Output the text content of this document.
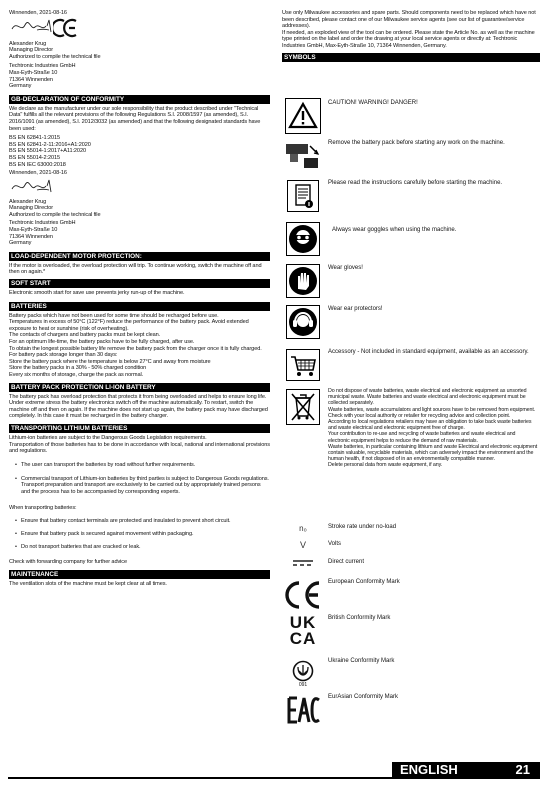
Winnenden, 2021-08-16
Alexander Krug
Managing Director
Authorized to compile the technical file
Techtronic Industries GmbH
Max-Eyth-Straße 10
71364 Winnenden
Germany
GB-DECLARATION OF CONFORMITY
We declare as the manufacturer under our sole responsibility that the product described under "Technical Data" fulfills all the relevant provisions of the following Regulations S.I. 2008/1597 (as amended), S.I. 2016/1091 (as amended), S.I. 2012/3032 (as amended) and that the following designated standards have been used:
BS EN 62841-1:2015
BS EN 62841-2-11:2016+A1:2020
BS EN 55014-1:2017+A11:2020
BS EN 55014-2:2015
BS EN IEC 63000:2018
Winnenden, 2021-08-16
Alexander Krug
Managing Director
Authorized to compile the technical file
Techtronic Industries GmbH
Max-Eyth-Straße 10
71364 Winnenden
Germany
LOAD-DEPENDENT MOTOR PROTECTION:
If the motor is overloaded, the overload protection will trip. To continue working, switch the machine off and then on again.*
SOFT START
Electronic smooth start for save use prevents jerky run-up of the machine.
BATTERIES
Battery packs which have not been used for some time should be recharged before use.
Temperatures in excess of 50°C (122°F) reduce the performance of the battery pack. Avoid extended exposure to heat or sunshine (risk of overheating).
The contacts of chargers and battery packs must be kept clean.
For an optimum life-time, the battery packs have to be fully charged, after use.
To obtain the longest possible battery life remove the battery pack from the charger once it is fully charged.
For battery pack storage longer than 30 days:
Store the battery pack where the temperature is below 27°C and away from moisture
Store the battery packs in a 30% - 50% charged condition
Every six months of storage, charge the pack as normal.
BATTERY PACK PROTECTION LI-ION BATTERY
The battery pack has overload protection that protects it from being overloaded and helps to ensure long life.
Under extreme stress the battery electronics switch off the machine automatically. To restart, switch the machine off and then on again. If the machine does not start up again, the battery pack may have discharged completely. In this case it must be recharged in the battery charger.
TRANSPORTING LITHIUM BATTERIES
Lithium-ion batteries are subject to the Dangerous Goods Legislation requirements.
Transportation of those batteries has to be done in accordance with local, national and international provisions and regulations.

• The user can transport the batteries by road without further requirements.

• Commercial transport of Lithium-ion batteries by third parties is subject to Dangerous Goods regulations. Transport preparation and transport are exclusively to be carried out by appropriately trained persons and the process has to be accompanied by corresponding experts.

When transporting batteries:

• Ensure that battery contact terminals are protected and insulated to prevent short circuit.

• Ensure that battery pack is secured against movement within packaging.

• Do not transport batteries that are cracked or leak.

Check with forwarding company for further advice
MAINTENANCE
The ventilation slots of the machine must be kept clear at all times.
Use only Milwaukee accessories and spare parts. Should components need to be replaced which have not been described, please contact one of our Milwaukee service agents (see our list of guarantee/service addresses).
If needed, an exploded view of the tool can be ordered. Please state the Article No. as well as the machine type printed on the label and order the drawing at your local service agents or directly at: Techtronic Industries GmbH, Max-Eyth-Straße 10, 71364 Winnenden, Germany.
SYMBOLS
CAUTION! WARNING! DANGER!
Remove the battery pack before starting any work on the machine.
Please read the instructions carefully before starting the machine.
Always wear goggles when using the machine.
Wear gloves!
Wear ear protectors!
Accessory - Not included in standard equipment, available as an accessory.
Do not dispose of waste batteries, waste electrical and electronic equipment as unsorted municipal waste. Waste batteries and waste electrical and electronic equipment must be collected separately.
Waste batteries, waste accumulators and light sources have to be removed from equipment.
Check with your local authority or retailer for recycling advice and collection point.
According to local regulations retailers may have an obligation to take back waste batteries and waste electrical and electronic equipment free of charge.
Your contribution to re-use and recycling of waste batteries and waste electrical and electronic equipment helps to reduce the demand of raw materials.
Waste batteries, in particular containing lithium and waste Electrical and electronic equipment contain valuable, recyclable materials, which can adversely impact the environment and the human health, if not disposed of in an environmentally compatible manner.
Delete personal data from waste equipment, if any.
n₀	Stroke rate under no-load
V	Volts
Direct current
European Conformity Mark
UK
CA
British Conformity Mark
091
Ukraine Conformity Mark
EurAsian Conformity Mark
ENGLISH	21
